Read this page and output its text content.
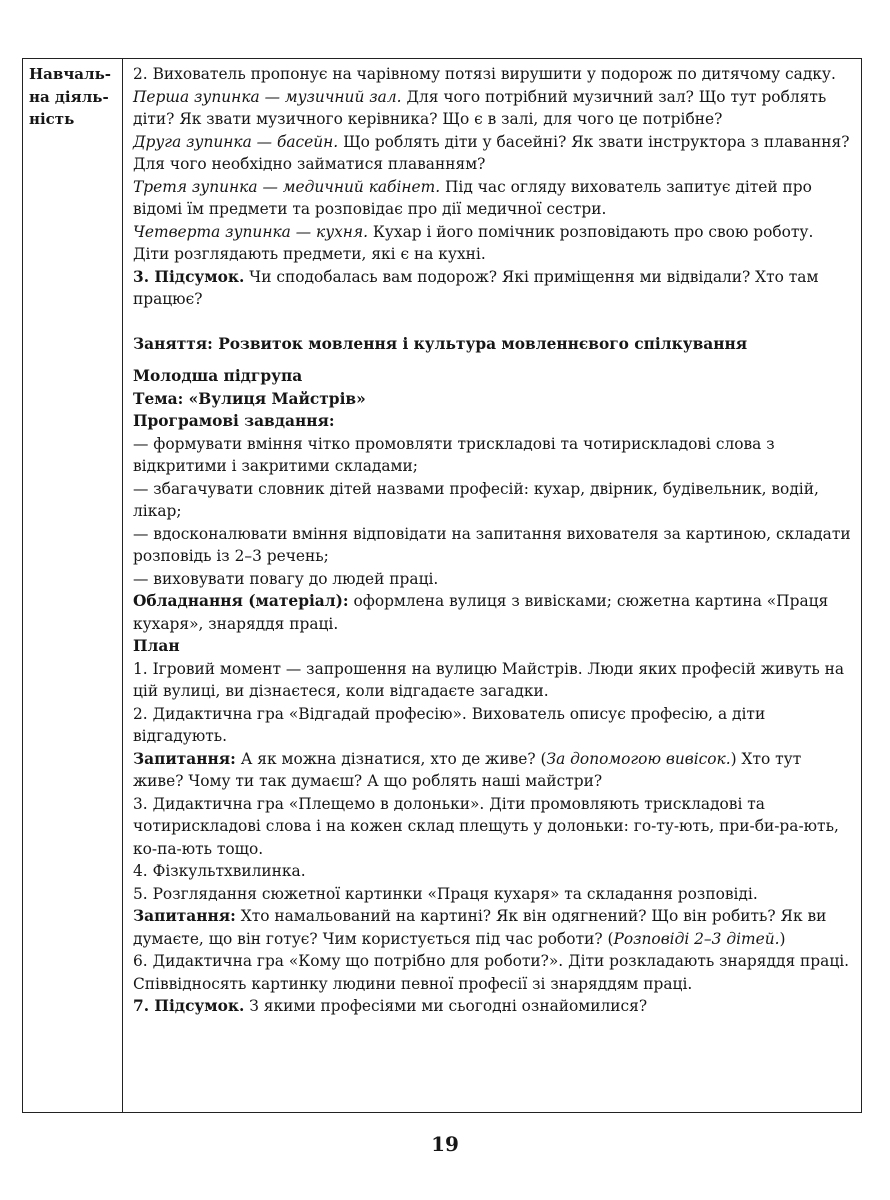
Навчаль-
на діяль-
ність

2. Вихователь пропонує на чарівному потязі вирушити у подорож по дитячому садку.

Перша зупинка — музичний зал. Для чого потрібний музичний зал? Що тут роблять діти? Як звати музичного керівника? Що є в залі, для чого це потрібне?

Друга зупинка — басейн. Що роблять діти у басейні? Як звати інструктора з плавання? Для чого необхідно займатися плаванням?

Третя зупинка — медичний кабінет. Під час огляду вихователь запитує дітей про відомі їм предмети та розповідає про дії медичної сестри.

Четверта зупинка — кухня. Кухар і його помічник розповідають про свою роботу. Діти розглядають предмети, які є на кухні.

3. Підсумок. Чи сподобалась вам подорож? Які приміщення ми відвідали? Хто там працює?

Заняття: Розвиток мовлення і культура мовленнєвого спілкування

Молодша підгрупа

Тема: «Вулиця Майстрів»

Програмові завдання:

— формувати вміння чітко промовляти трискладові та чотирискладові слова з відкритими і закритими складами;

— збагачувати словник дітей назвами професій: кухар, двірник, будівельник, водій, лікар;

— вдосконалювати вміння відповідати на запитання вихователя за картиною, складати розповідь із 2–3 речень;

— виховувати повагу до людей праці.

Обладнання (матеріал): оформлена вулиця з вивісками; сюжетна картина «Праця кухаря», знаряддя праці.

План

1. Ігровий момент — запрошення на вулицю Майстрів. Люди яких професій живуть на цій вулиці, ви дізнаєтеся, коли відгадаєте загадки.

2. Дидактична гра «Відгадай професію». Вихователь описує професію, а діти відгадують.

Запитання: А як можна дізнатися, хто де живе? (За допомогою вивісок.) Хто тут живе? Чому ти так думаєш? А що роблять наші майстри?

3. Дидактична гра «Плещемо в долоньки». Діти промовляють трискладові та чотирискладові слова і на кожен склад плещуть у долоньки: го-ту-ють, при-би-ра-ють, ко-па-ють тощо.

4. Фізкультхвилинка.

5. Розглядання сюжетної картинки «Праця кухаря» та складання розповіді.

Запитання: Хто намальований на картині? Як він одягнений? Що він робить? Як ви думаєте, що він готує? Чим користується під час роботи? (Розповіді 2–3 дітей.)

6. Дидактична гра «Кому що потрібно для роботи?». Діти розкладають знаряддя праці. Співвідносять картинку людини певної професії зі знаряддям праці.

7. Підсумок. З якими професіями ми сьогодні ознайомилися?

19
